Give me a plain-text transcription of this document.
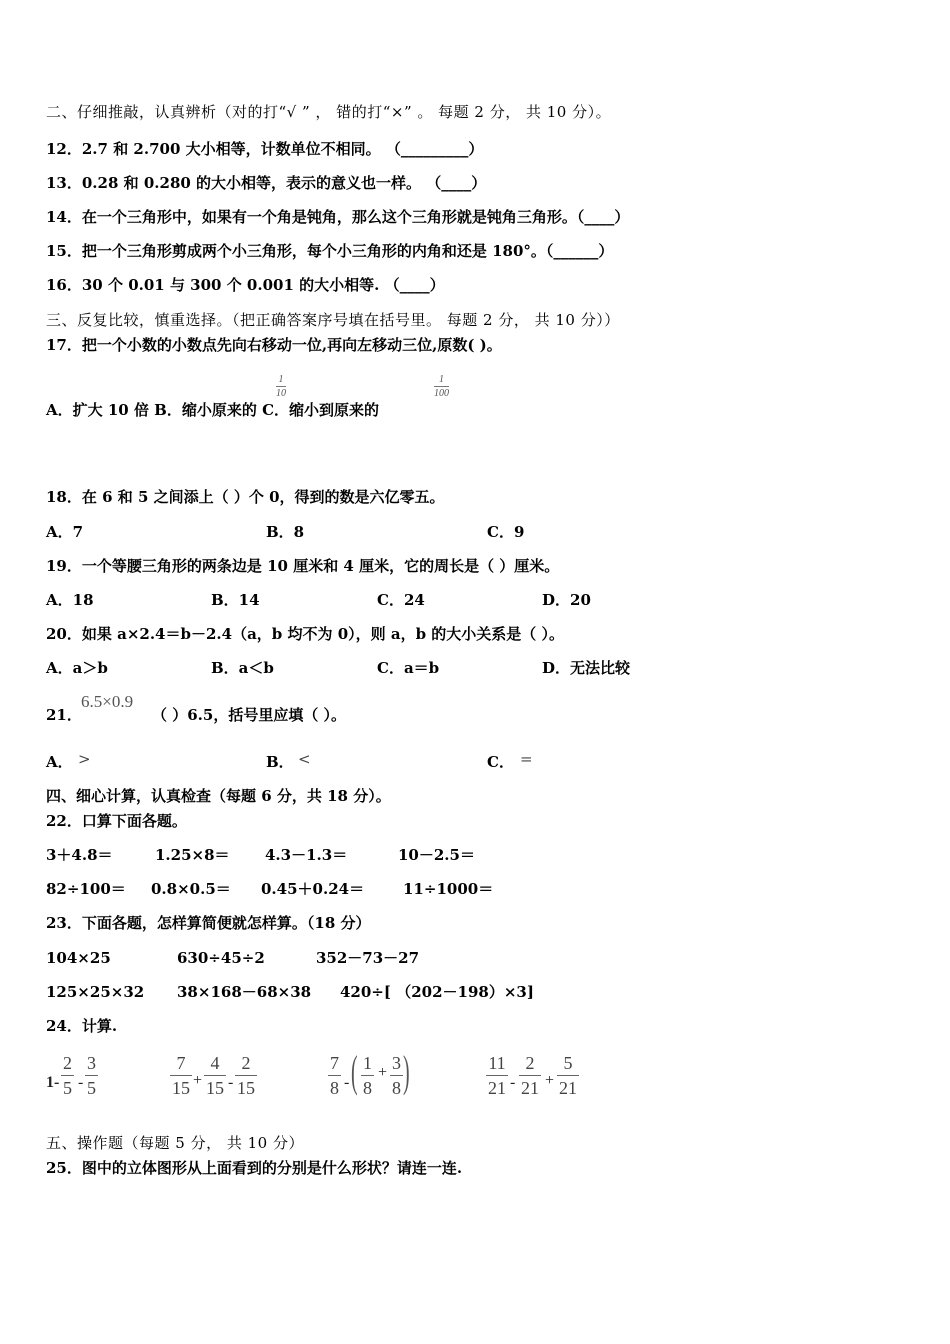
二、仔细推敲，认真辨析（对的打“√ ” ， 错的打“×” 。 每题 2 分， 共 10 分）。
12．2.7 和 2.700 大小相等，计数单位不相同。 （_________）
13．0.28 和 0.280 的大小相等，表示的意义也一样。 （____）
14．在一个三角形中，如果有一个角是钝角，那么这个三角形就是钝角三角形。（____）
15．把一个三角形剪成两个小三角形，每个小三角形的内角和还是 180°。（______）
16．30 个 0.01 与 300 个 0.001 的大小相等. （____）
三、反复比较，慎重选择。（把正确答案序号填在括号里。 每题 2 分， 共 10 分））
17．把一个小数的小数点先向右移动一位,再向左移动三位,原数( )。
A．扩大 10 倍 B．缩小原来的 C．缩小到原来的
1
10
1
100
18．在 6 和 5 之间添上（ ）个 0，得到的数是六亿零五。
A．7	B．8	C．9
19．一个等腰三角形的两条边是 10 厘米和 4 厘米，它的周长是（ ）厘米。
A．18	B．14	C．24	D．20
20．如果 a×2.4＝b－2.4（a，b 均不为 0），则 a，b 的大小关系是（ ）。
A．a＞b	B．a＜b	C．a＝b	D．无法比较
21．
6.5×0.9
（ ）6.5，括号里应填（ ）。
A． >	B． <	C． =
四、细心计算，认真检查（每题 6 分，共 18 分）。
22．口算下面各题。
3＋4.8＝	1.25×8＝ 4.3－1.3＝	10－2.5＝
82÷100＝ 0.8×0.5＝ 0.45＋0.24＝	11÷1000＝
23．下面各题，怎样算简便就怎样算。（18 分）
104×25	630÷45÷2	352－73－27
125×25×32 38×168－68×38 420÷[ （202－198）×3]
24．计算.
1-
2
5 -
3
5
7
15 +
4
15 -
2
15
7
8 - ( 1
8
+ 3
8 )	11
21 -
2
21 +
5
21
五、操作题（每题 5 分， 共 10 分）
25．图中的立体图形从上面看到的分别是什么形状？请连一连.
